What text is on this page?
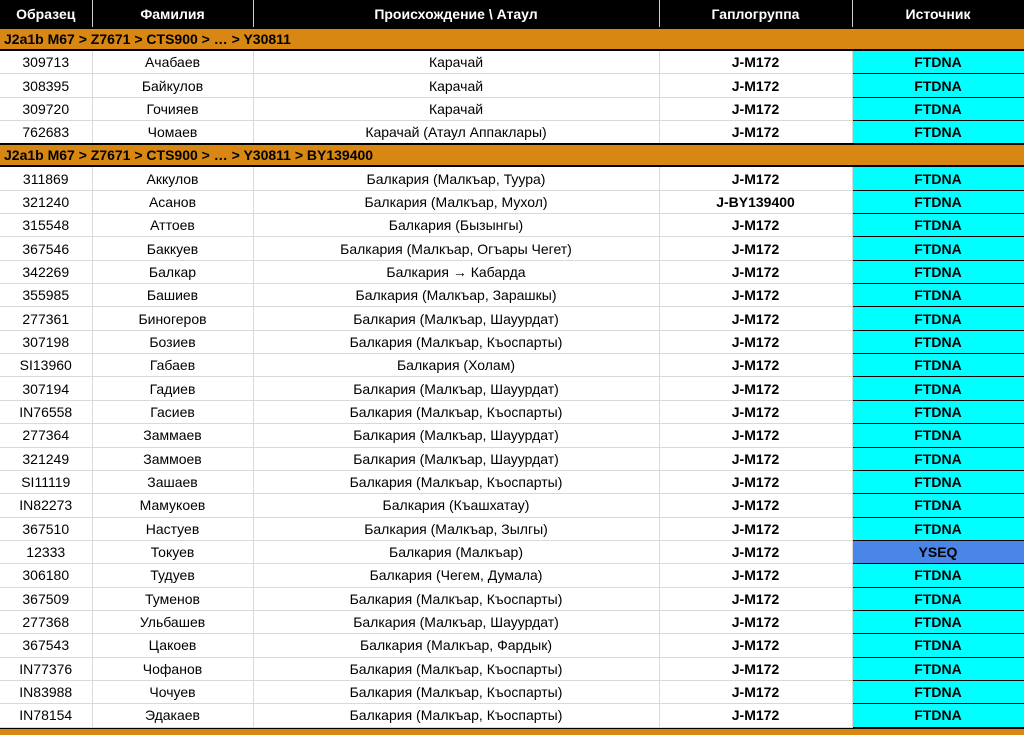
Образец	Фамилия	Происхождение \ Атаул	Гаплогруппа	Источник
J2a1b M67 > Z7671 > CTS900 > … > Y30811				
309713	Ачабаев	Карачай	J-M172	FTDNA
308395	Байкулов	Карачай	J-M172	FTDNA
309720	Гочияев	Карачай	J-M172	FTDNA
762683	Чомаев	Карачай (Атаул Аппаклары)	J-M172	FTDNA
J2a1b M67 > Z7671 > CTS900 > … > Y30811 > BY139400				
311869	Аккулов	Балкария (Малкъар, Туура)	J-M172	FTDNA
321240	Асанов	Балкария (Малкъар, Мухол)	J-BY139400	FTDNA
315548	Аттоев	Балкария (Бызынгы)	J-M172	FTDNA
367546	Баккуев	Балкария (Малкъар, Огъары Чегет)	J-M172	FTDNA
342269	Балкар	Балкария → Кабарда	J-M172	FTDNA
355985	Башиев	Балкария (Малкъар, Зарашкы)	J-M172	FTDNA
277361	Биногеров	Балкария (Малкъар, Шауурдат)	J-M172	FTDNA
307198	Бозиев	Балкария (Малкъар, Къоспарты)	J-M172	FTDNA
SI13960	Габаев	Балкария (Холам)	J-M172	FTDNA
307194	Гадиев	Балкария (Малкъар, Шауурдат)	J-M172	FTDNA
IN76558	Гасиев	Балкария (Малкъар, Къоспарты)	J-M172	FTDNA
277364	Заммаев	Балкария (Малкъар, Шауурдат)	J-M172	FTDNA
321249	Заммоев	Балкария (Малкъар, Шауурдат)	J-M172	FTDNA
SI11119	Зашаев	Балкария (Малкъар, Къоспарты)	J-M172	FTDNA
IN82273	Мамукоев	Балкария (Къашхатау)	J-M172	FTDNA
367510	Настуев	Балкария (Малкъар, Зылгы)	J-M172	FTDNA
12333	Токуев	Балкария (Малкъар)	J-M172	YSEQ
306180	Тудуев	Балкария (Чегем, Думала)	J-M172	FTDNA
367509	Туменов	Балкария (Малкъар, Къоспарты)	J-M172	FTDNA
277368	Ульбашев	Балкария (Малкъар, Шауурдат)	J-M172	FTDNA
367543	Цакоев	Балкария (Малкъар, Фардык)	J-M172	FTDNA
IN77376	Чофанов	Балкария (Малкъар, Къоспарты)	J-M172	FTDNA
IN83988	Чочуев	Балкария (Малкъар, Къоспарты)	J-M172	FTDNA
IN78154	Эдакаев	Балкария (Малкъар, Къоспарты)	J-M172	FTDNA
